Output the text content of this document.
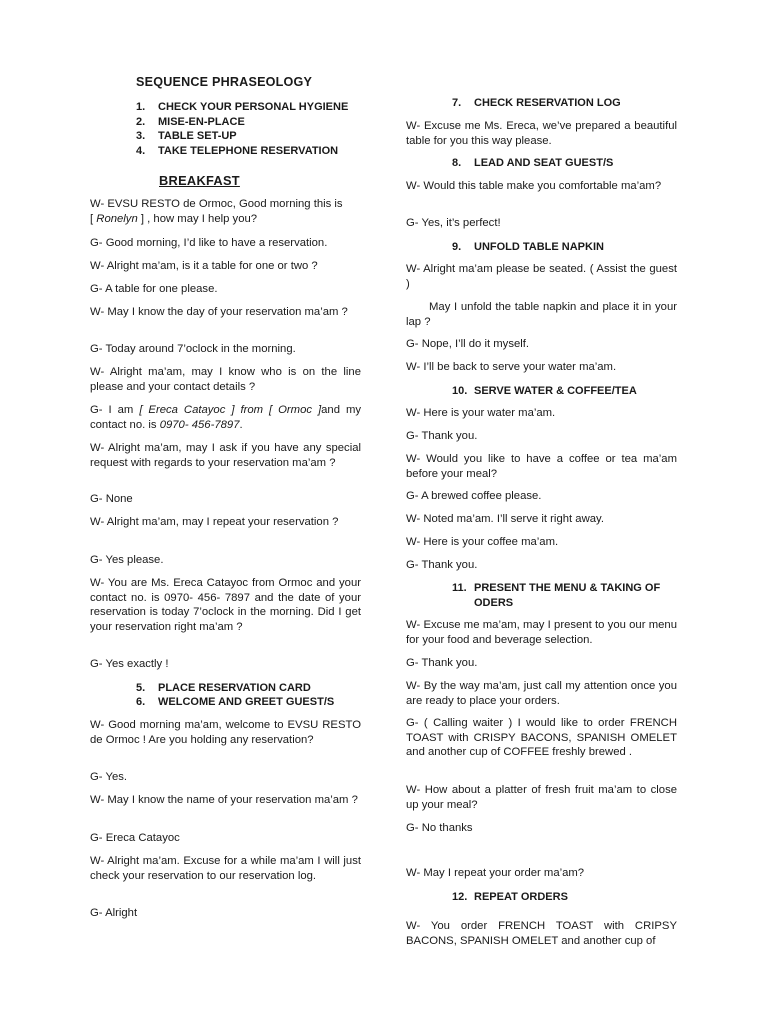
SEQUENCE PHRASEOLOGY
1. CHECK YOUR PERSONAL HYGIENE
2. MISE-EN-PLACE
3. TABLE SET-UP
4. TAKE TELEPHONE RESERVATION
BREAKFAST

W- EVSU RESTO de Ormoc, Good morning this is
[ Ronelyn ] , how may I help you?

G- Good morning, I’d like to have a reservation.

W- Alright ma’am, is it a table for one or two ?

G- A table for one please.

W- May I know the day of your reservation ma’am ?

G- Today around 7’oclock in the morning.

W- Alright ma’am, may I know who is on the line please and your contact details ?

G- I am [ Ereca Catayoc ] from [ Ormoc ]and my contact no. is 0970- 456-7897.

W- Alright ma’am, may I ask if you have any special request with regards to your reservation ma’am ?

G- None

W- Alright ma’am, may I repeat your reservation ?

G- Yes please.

W- You are Ms. Ereca Catayoc from Ormoc and your contact no. is 0970- 456- 7897 and the date of your reservation is today 7’oclock in the morning. Did I get your reservation right ma’am ?

G- Yes exactly !

5. PLACE RESERVATION CARD
6. WELCOME AND GREET GUEST/S

W- Good morning ma’am, welcome to EVSU RESTO de Ormoc ! Are you holding any reservation?

G- Yes.

W- May I know the name of your reservation ma’am ?

G- Ereca Catayoc

W- Alright ma’am. Excuse for a while ma’am I will just check your reservation to our reservation log.

G- Alright

7. CHECK RESERVATION LOG

W- Excuse me Ms. Ereca, we’ve prepared a beautiful table for you this way please.

8. LEAD AND SEAT GUEST/S

W- Would this table make you comfortable ma’am?

G- Yes, it’s perfect!

9. UNFOLD TABLE NAPKIN

W- Alright ma’am please be seated. ( Assist the guest )

May I unfold the table napkin and place it in your lap ?

G- Nope, I’ll do it myself.

W- I’ll be back to serve your water ma’am.

10. SERVE WATER & COFFEE/TEA

W- Here is your water ma’am.

G- Thank you.

W- Would you like to have a coffee or tea ma’am before your meal?

G- A brewed coffee please.

W- Noted ma’am. I’ll serve it right away.

W- Here is your coffee ma’am.

G- Thank you.

11. PRESENT THE MENU & TAKING OF
ODERS

W- Excuse me ma’am, may I present to you our menu for your food and beverage selection.

G- Thank you.

W- By the way ma’am, just call my attention once you are ready to place your orders.

G- ( Calling waiter ) I would like to order FRENCH TOAST with CRISPY BACONS, SPANISH OMELET and another cup of COFFEE freshly brewed .

W- How about a platter of fresh fruit ma’am to close up your meal?

G- No thanks

W- May I repeat your order ma’am?

12. REPEAT ORDERS

W- You order FRENCH TOAST with CRIPSY BACONS, SPANISH OMELET and another cup of
